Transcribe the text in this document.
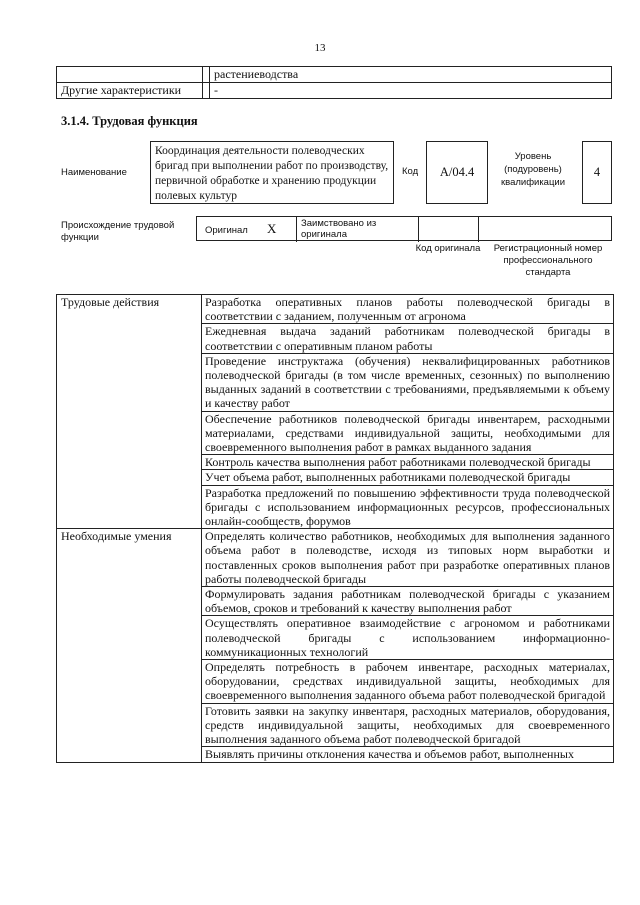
13
		растениеводства
Другие характеристики		-
3.1.4. Трудовая функция
Наименование
Координация деятельности полеводческих бригад при выполнении работ по производству, первичной обработке и хранению продукции полевых культур
Код	A/04.4
Уровень (подуровень) квалификации
4
Происхождение трудовой функции
Оригинал X	Заимствовано из оригинала
Код оригинала	Регистрационный номер профессионального стандарта
Трудовые действия	Разработка оперативных планов работы полеводческой бригады в соответствии с заданием, полученным от агронома
	Ежедневная выдача заданий работникам полеводческой бригады в соответствии с оперативным планом работы
	Проведение инструктажа (обучения) неквалифицированных работников полеводческой бригады (в том числе временных, сезонных) по выполнению выданных заданий в соответствии с требованиями, предъявляемыми к объему и качеству работ
	Обеспечение работников полеводческой бригады инвентарем, расходными материалами, средствами индивидуальной защиты, необходимыми для своевременного выполнения работ в рамках выданного задания
	Контроль качества выполнения работ работниками полеводческой бригады
	Учет объема работ, выполненных работниками полеводческой бригады
	Разработка предложений по повышению эффективности труда полеводческой бригады с использованием информационных ресурсов, профессиональных онлайн-сообществ, форумов
Необходимые умения	Определять количество работников, необходимых для выполнения заданного объема работ в полеводстве, исходя из типовых норм выработки и поставленных сроков выполнения работ при разработке оперативных планов работы полеводческой бригады
	Формулировать задания работникам полеводческой бригады с указанием объемов, сроков и требований к качеству выполнения работ
	Осуществлять оперативное взаимодействие с агрономом и работниками полеводческой бригады с использованием информационно-коммуникационных технологий
	Определять потребность в рабочем инвентаре, расходных материалах, оборудовании, средствах индивидуальной защиты, необходимых для своевременного выполнения заданного объема работ полеводческой бригадой
	Готовить заявки на закупку инвентаря, расходных материалов, оборудования, средств индивидуальной защиты, необходимых для своевременного выполнения заданного объема работ полеводческой бригадой
	Выявлять причины отклонения качества и объемов работ, выполненных
